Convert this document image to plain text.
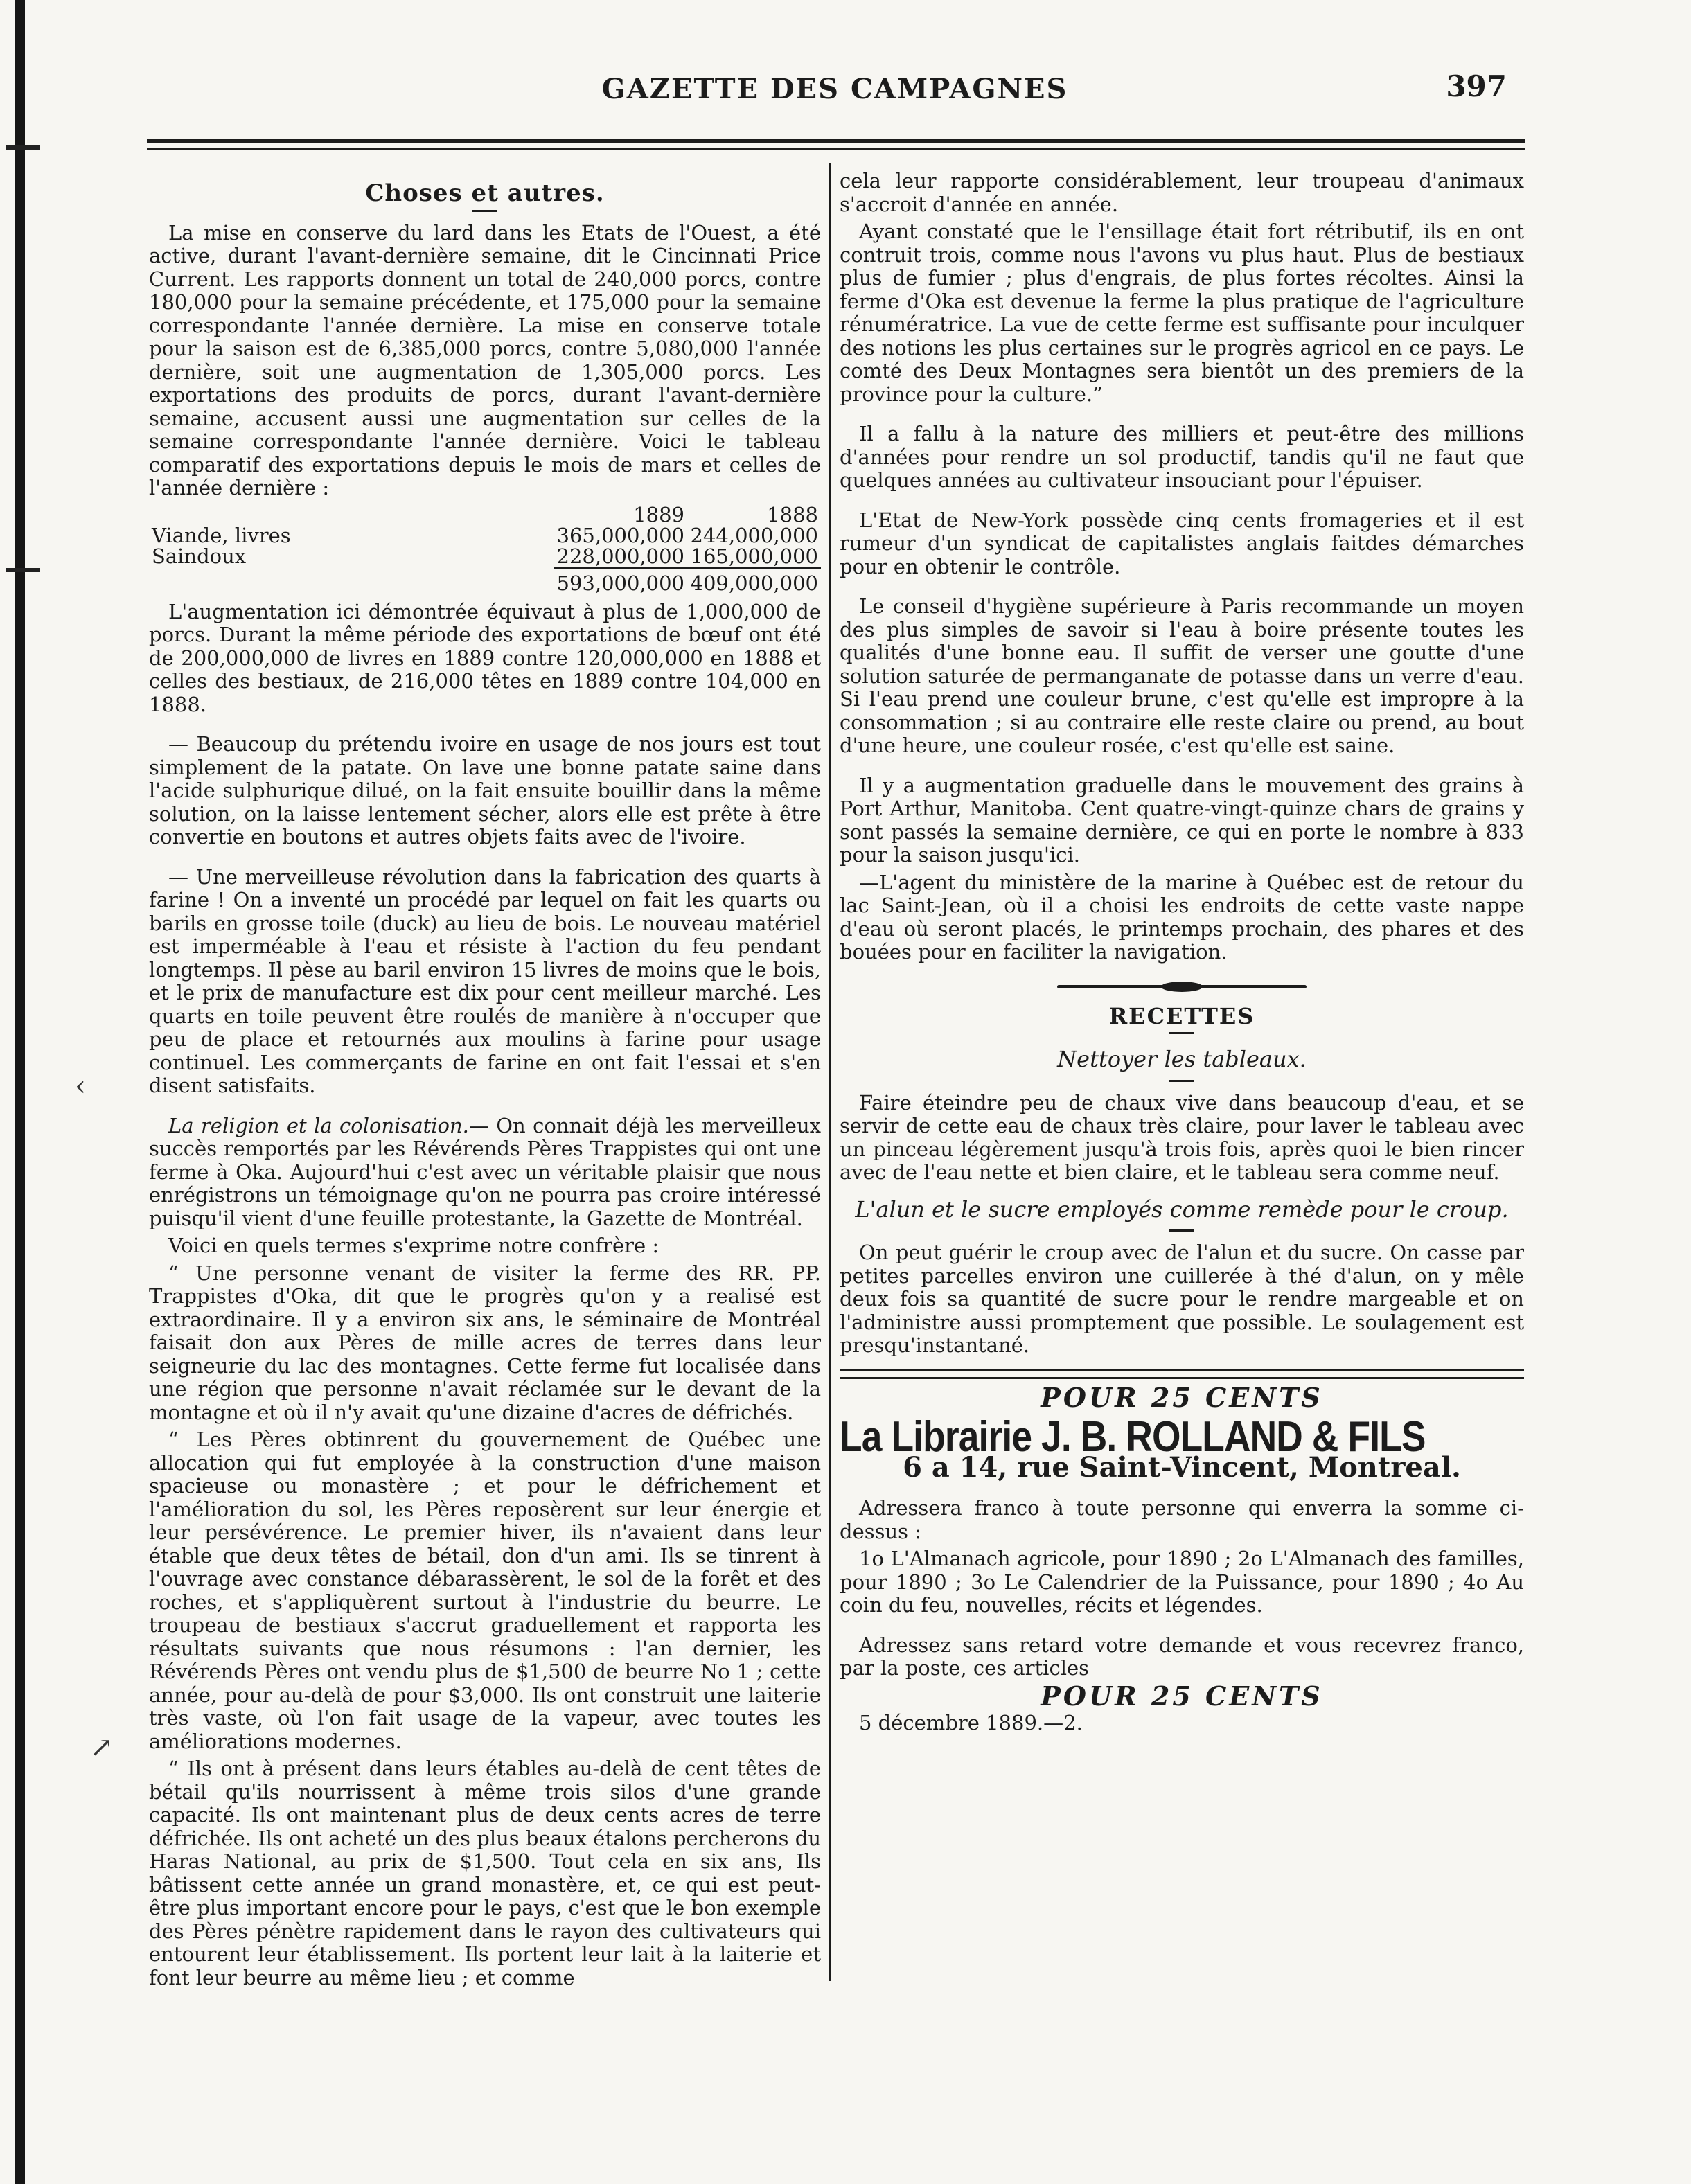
‹
↗
GAZETTE DES CAMPAGNES	397
Choses et autres.

La mise en conserve du lard dans les Etats de l'Ouest, a été active, durant l'avant-dernière semaine, dit le Cincinnati Price Current. Les rapports donnent un total de 240,000 porcs, contre 180,000 pour la semaine précédente, et 175,000 pour la semaine correspondante l'année dernière. La mise en conserve totale pour la saison est de 6,385,000 porcs, contre 5,080,000 l'année dernière, soit une augmentation de 1,305,000 porcs. Les exportations des produits de porcs, durant l'avant-dernière semaine, accusent aussi une augmentation sur celles de la semaine correspondante l'année dernière. Voici le tableau comparatif des exportations depuis le mois de mars et celles de l'année dernière :

	1889	1888
Viande, livres	365,000,000	244,000,000
Saindoux	228,000,000	165,000,000
	593,000,000	409,000,000

L'augmentation ici démontrée équivaut à plus de 1,000,000 de porcs. Durant la même période des exportations de bœuf ont été de 200,000,000 de livres en 1889 contre 120,000,000 en 1888 et celles des bestiaux, de 216,000 têtes en 1889 contre 104,000 en 1888.

— Beaucoup du prétendu ivoire en usage de nos jours est tout simplement de la patate. On lave une bonne patate saine dans l'acide sulphurique dilué, on la fait ensuite bouillir dans la même solution, on la laisse lentement sécher, alors elle est prête à être convertie en boutons et autres objets faits avec de l'ivoire.

— Une merveilleuse révolution dans la fabrication des quarts à farine ! On a inventé un procédé par lequel on fait les quarts ou barils en grosse toile (duck) au lieu de bois. Le nouveau matériel est imperméable à l'eau et résiste à l'action du feu pendant longtemps. Il pèse au baril environ 15 livres de moins que le bois, et le prix de manufacture est dix pour cent meilleur marché. Les quarts en toile peuvent être roulés de manière à n'occuper que peu de place et retournés aux moulins à farine pour usage continuel. Les commerçants de farine en ont fait l'essai et s'en disent satisfaits.

La religion et la colonisation.— On connait déjà les merveilleux succès remportés par les Révérends Pères Trappistes qui ont une ferme à Oka. Aujourd'hui c'est avec un véritable plaisir que nous enrégistrons un témoignage qu'on ne pourra pas croire intéressé puisqu'il vient d'une feuille protestante, la Gazette de Montréal.

Voici en quels termes s'exprime notre confrère :

“ Une personne venant de visiter la ferme des RR. PP. Trappistes d'Oka, dit que le progrès qu'on y a realisé est extraordinaire. Il y a environ six ans, le séminaire de Montréal faisait don aux Pères de mille acres de terres dans leur seigneurie du lac des montagnes. Cette ferme fut localisée dans une région que personne n'avait réclamée sur le devant de la montagne et où il n'y avait qu'une dizaine d'acres de défrichés.

“ Les Pères obtinrent du gouvernement de Québec une allocation qui fut employée à la construction d'une maison spacieuse ou monastère ; et pour le défrichement et l'amélioration du sol, les Pères reposèrent sur leur énergie et leur persévérence. Le premier hiver, ils n'avaient dans leur étable que deux têtes de bétail, don d'un ami. Ils se tinrent à l'ouvrage avec constance débarassèrent, le sol de la forêt et des roches, et s'appliquèrent surtout à l'industrie du beurre. Le troupeau de bestiaux s'accrut graduellement et rapporta les résultats suivants que nous résumons : l'an dernier, les Révérends Pères ont vendu plus de $1,500 de beurre No 1 ; cette année, pour au-delà de pour $3,000. Ils ont construit une laiterie très vaste, où l'on fait usage de la vapeur, avec toutes les améliorations modernes.

“ Ils ont à présent dans leurs étables au-delà de cent têtes de bétail qu'ils nourrissent à même trois silos d'une grande capacité. Ils ont maintenant plus de deux cents acres de terre défrichée. Ils ont acheté un des plus beaux étalons percherons du Haras National, au prix de $1,500. Tout cela en six ans, Ils bâtissent cette année un grand monastère, et, ce qui est peut-être plus important encore pour le pays, c'est que le bon exemple des Pères pénètre rapidement dans le rayon des cultivateurs qui entourent leur établissement. Ils portent leur lait à la laiterie et font leur beurre au même lieu ; et comme

cela leur rapporte considérablement, leur troupeau d'animaux s'accroit d'année en année.

Ayant constaté que le l'ensillage était fort rétributif, ils en ont contruit trois, comme nous l'avons vu plus haut. Plus de bestiaux plus de fumier ; plus d'engrais, de plus fortes récoltes. Ainsi la ferme d'Oka est devenue la ferme la plus pratique de l'agriculture rénumératrice. La vue de cette ferme est suffisante pour inculquer des notions les plus certaines sur le progrès agricol en ce pays. Le comté des Deux Montagnes sera bientôt un des premiers de la province pour la culture.”

Il a fallu à la nature des milliers et peut-être des millions d'années pour rendre un sol productif, tandis qu'il ne faut que quelques années au cultivateur insouciant pour l'épuiser.

L'Etat de New-York possède cinq cents fromageries et il est rumeur d'un syndicat de capitalistes anglais faitdes démarches pour en obtenir le contrôle.

Le conseil d'hygiène supérieure à Paris recommande un moyen des plus simples de savoir si l'eau à boire présente toutes les qualités d'une bonne eau. Il suffit de verser une goutte d'une solution saturée de permanganate de potasse dans un verre d'eau. Si l'eau prend une couleur brune, c'est qu'elle est impropre à la consommation ; si au contraire elle reste claire ou prend, au bout d'une heure, une couleur rosée, c'est qu'elle est saine.

Il y a augmentation graduelle dans le mouvement des grains à Port Arthur, Manitoba. Cent quatre-vingt-quinze chars de grains y sont passés la semaine dernière, ce qui en porte le nombre à 833 pour la saison jusqu'ici.

—L'agent du ministère de la marine à Québec est de retour du lac Saint-Jean, où il a choisi les endroits de cette vaste nappe d'eau où seront placés, le printemps prochain, des phares et des bouées pour en faciliter la navigation.

RECETTES
Nettoyer les tableaux.

Faire éteindre peu de chaux vive dans beaucoup d'eau, et se servir de cette eau de chaux très claire, pour laver le tableau avec un pinceau légèrement jusqu'à trois fois, après quoi le bien rincer avec de l'eau nette et bien claire, et le tableau sera comme neuf.

L'alun et le sucre employés comme remède pour le croup.

On peut guérir le croup avec de l'alun et du sucre. On casse par petites parcelles environ une cuillerée à thé d'alun, on y mêle deux fois sa quantité de sucre pour le rendre margeable et on l'administre aussi promptement que possible. Le soulagement est presqu'instantané.

POUR 25 CENTS
La Librairie J. B. ROLLAND & FILS
6 a 14, rue Saint-Vincent, Montreal.

Adressera franco à toute personne qui enverra la somme ci-dessus :

1o L'Almanach agricole, pour 1890 ; 2o L'Almanach des familles, pour 1890 ; 3o Le Calendrier de la Puissance, pour 1890 ; 4o Au coin du feu, nouvelles, récits et légendes.

Adressez sans retard votre demande et vous recevrez franco, par la poste, ces articles

POUR 25 CENTS

5 décembre 1889.—2.
